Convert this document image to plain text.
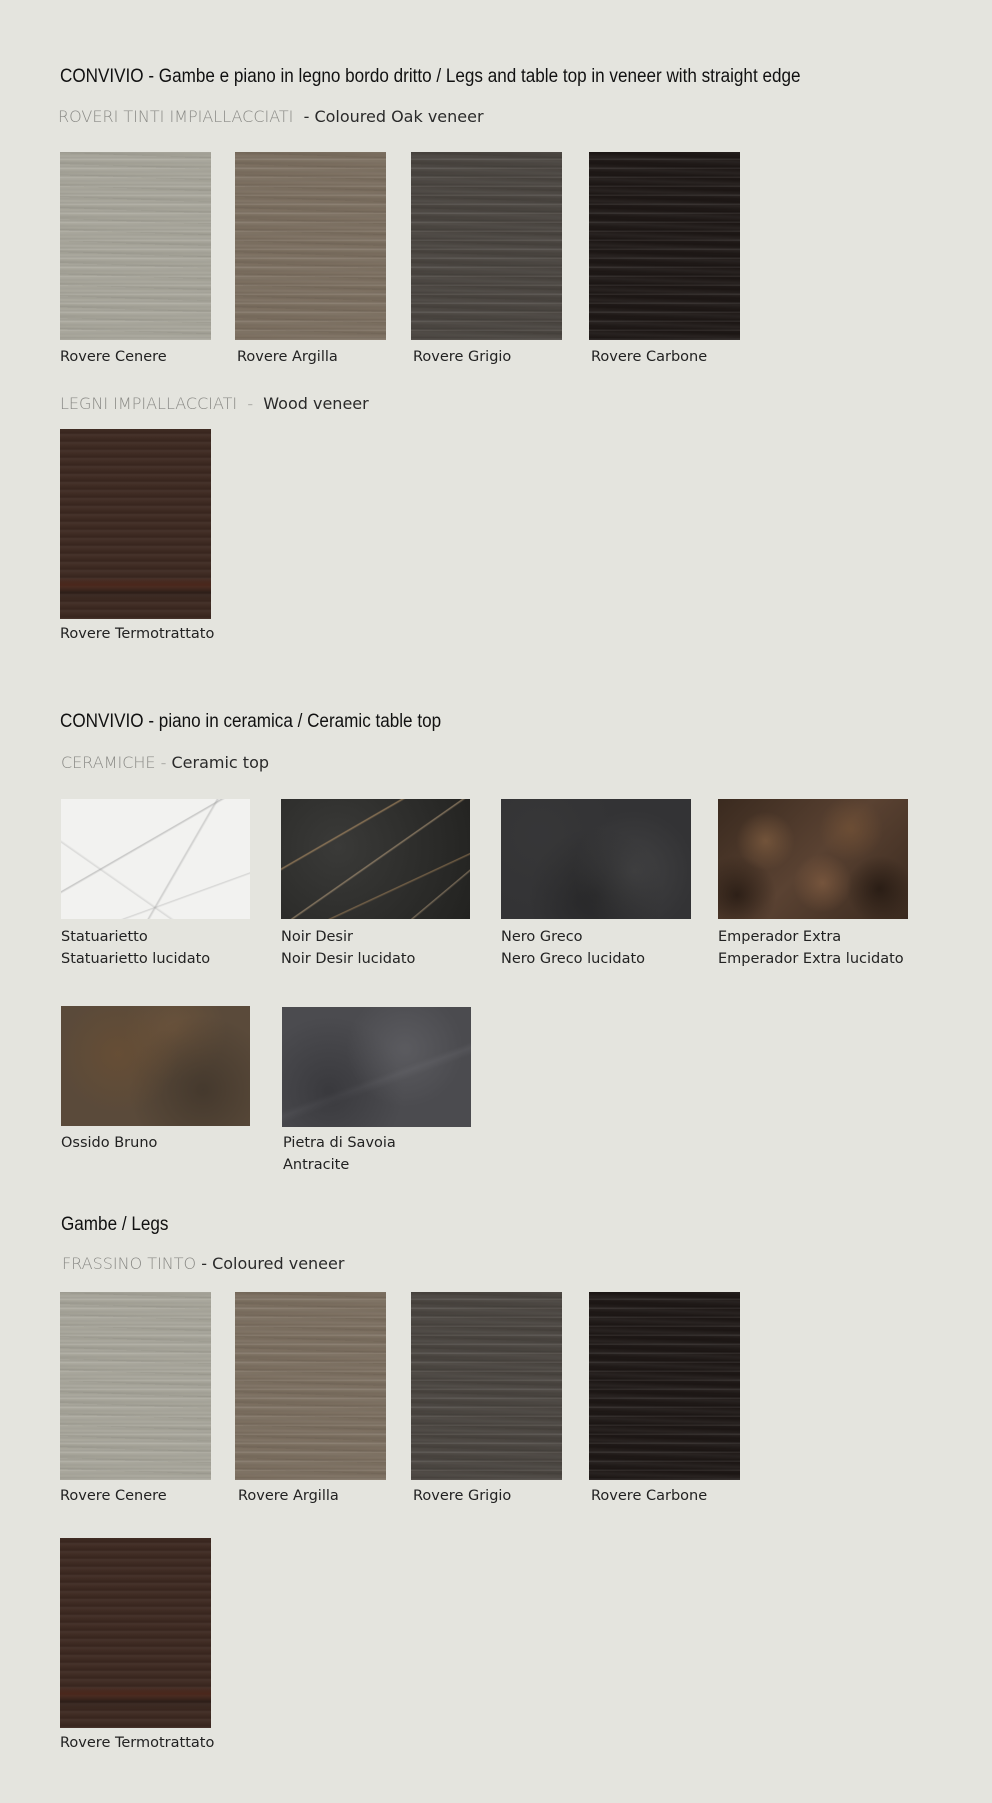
CONVIVIO - Gambe e piano in legno bordo dritto / Legs and table top in veneer with straight edge
ROVERI TINTI IMPIALLACCIATI - Coloured Oak veneer
Rovere Cenere	Rovere Argilla	Rovere Grigio	Rovere Carbone
LEGNI IMPIALLACCIATI - Wood veneer
Rovere Termotrattato
CONVIVIO - piano in ceramica / Ceramic table top
CERAMICHE - Ceramic top
Statuarietto
Statuarietto lucidato
Noir Desir
Noir Desir lucidato
Nero Greco
Nero Greco lucidato
Emperador Extra
Emperador Extra lucidato
Ossido Bruno	Pietra di Savoia
Antracite
Gambe / Legs
FRASSINO TINTO - Coloured veneer
Rovere Cenere	Rovere Argilla	Rovere Grigio	Rovere Carbone
Rovere Termotrattato
